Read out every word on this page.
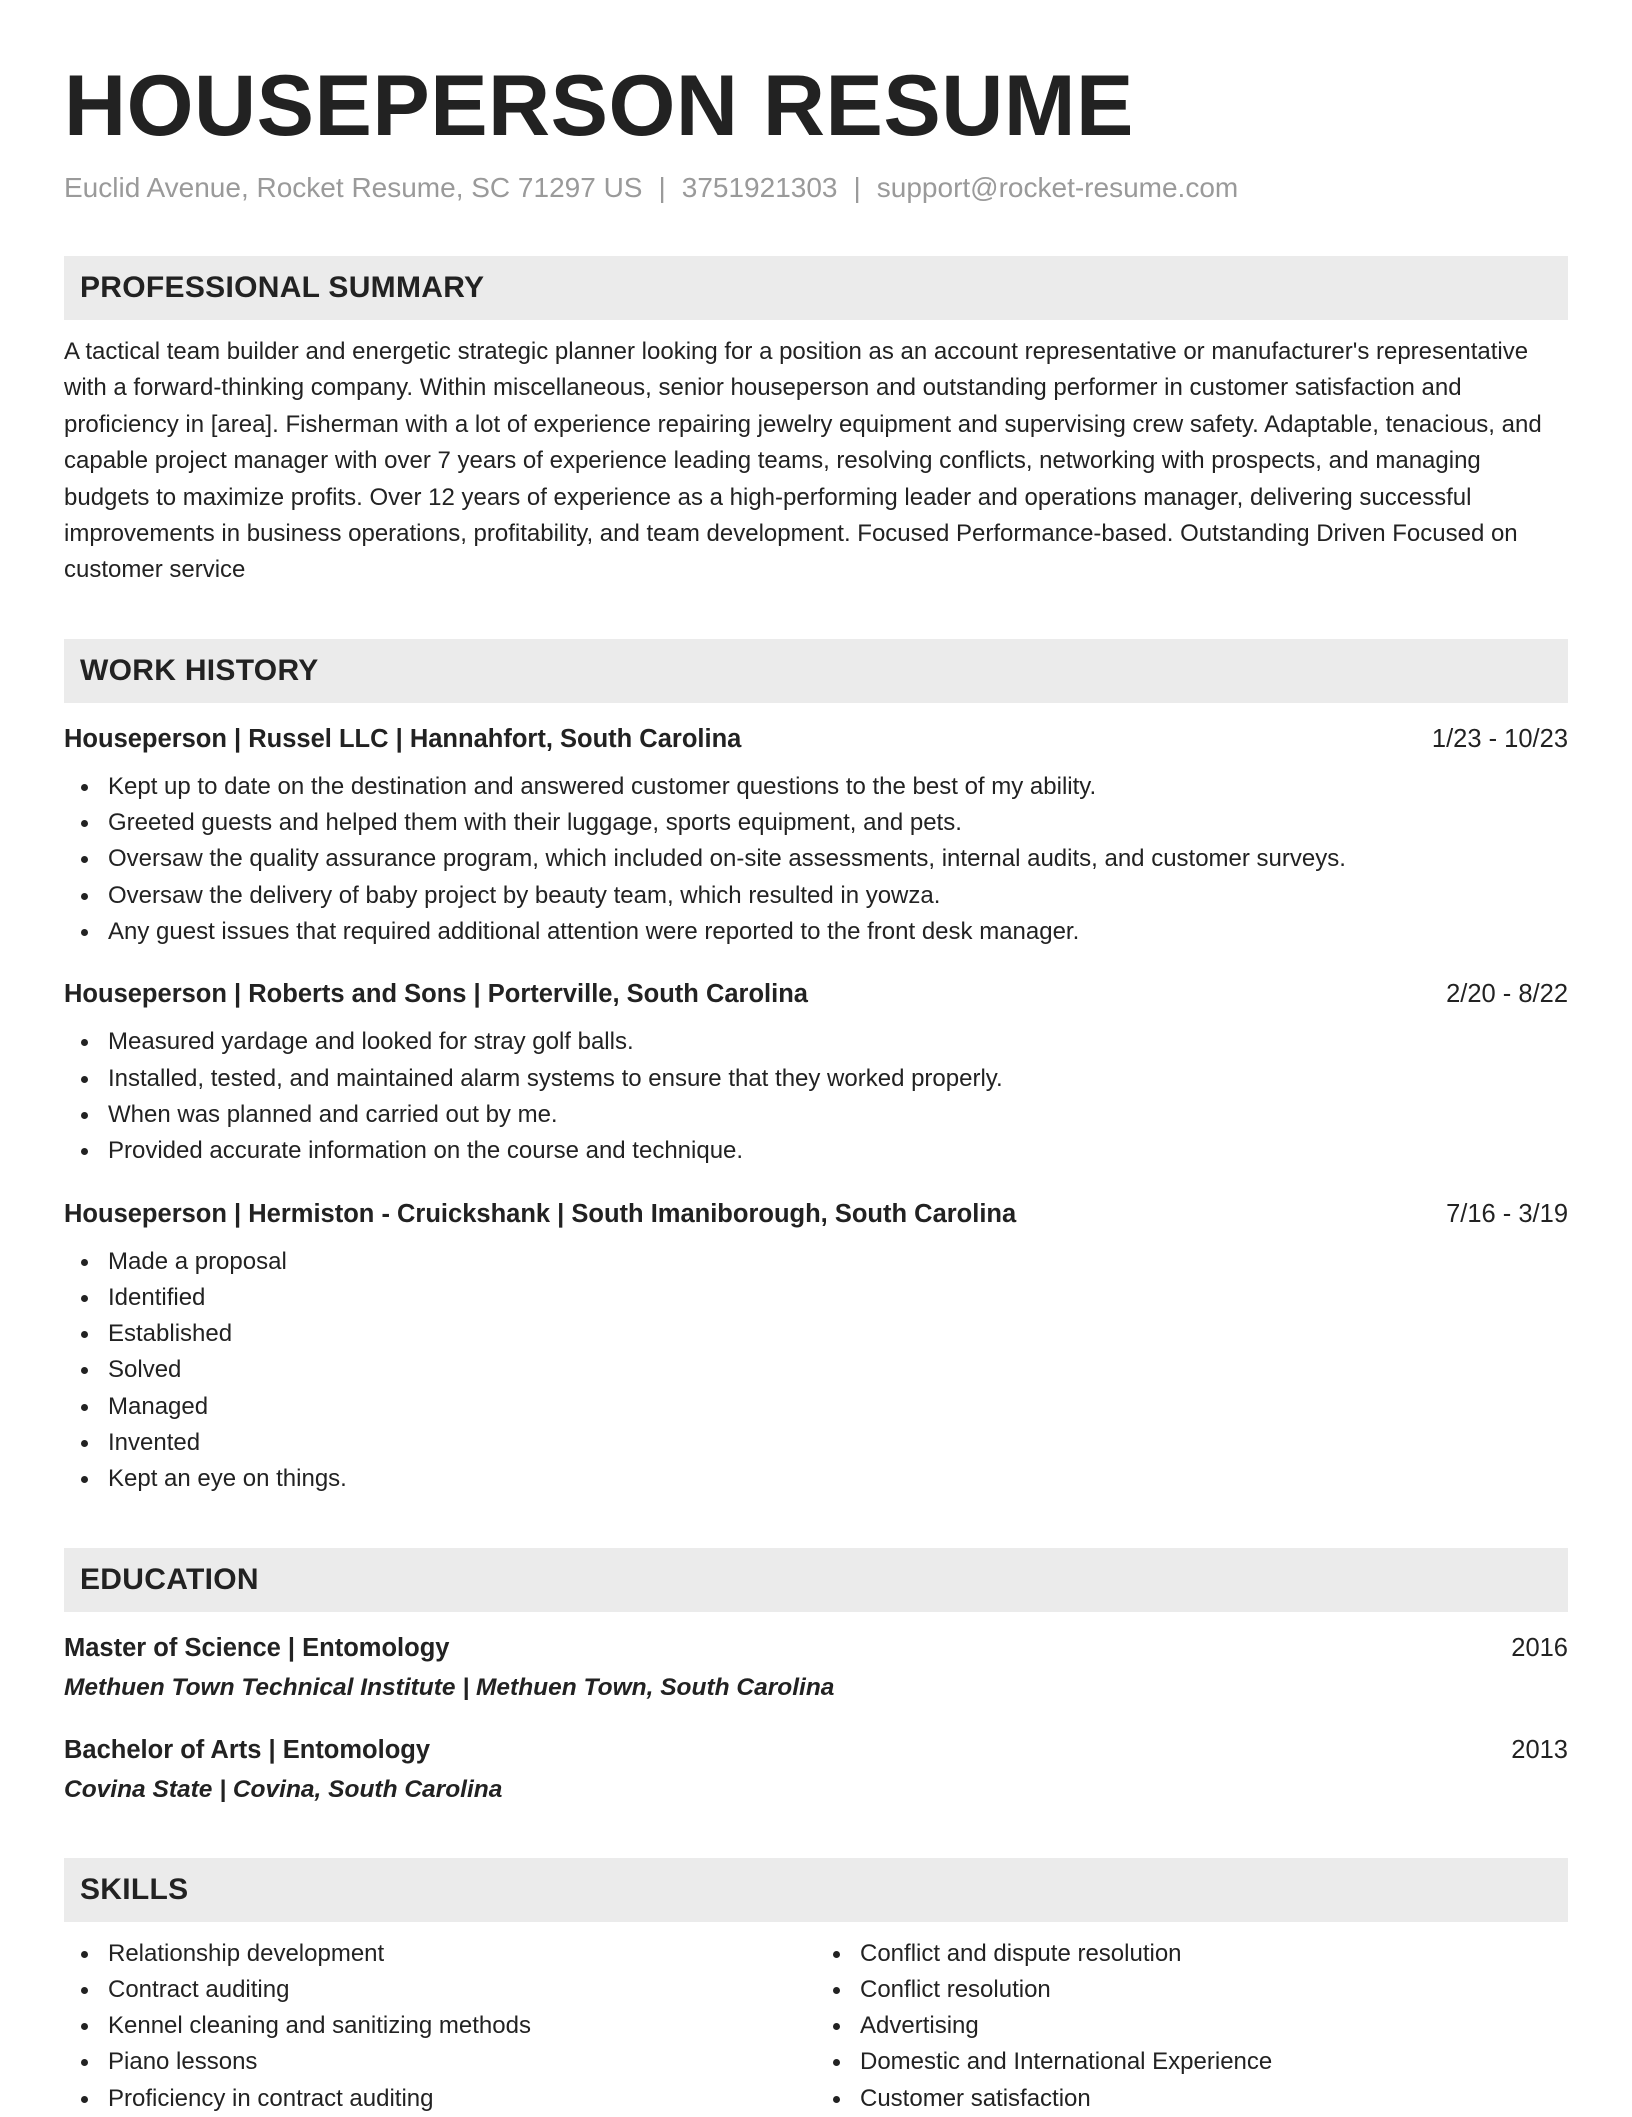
HOUSEPERSON RESUME
Euclid Avenue, Rocket Resume, SC 71297 US | 3751921303 | support@rocket-resume.com
PROFESSIONAL SUMMARY
A tactical team builder and energetic strategic planner looking for a position as an account representative or manufacturer's representative with a forward-thinking company. Within miscellaneous, senior houseperson and outstanding performer in customer satisfaction and proficiency in [area]. Fisherman with a lot of experience repairing jewelry equipment and supervising crew safety. Adaptable, tenacious, and capable project manager with over 7 years of experience leading teams, resolving conflicts, networking with prospects, and managing budgets to maximize profits. Over 12 years of experience as a high-performing leader and operations manager, delivering successful improvements in business operations, profitability, and team development. Focused Performance-based. Outstanding Driven Focused on customer service
WORK HISTORY
Houseperson | Russel LLC | Hannahfort, South Carolina	1/23 - 10/23
Kept up to date on the destination and answered customer questions to the best of my ability.
Greeted guests and helped them with their luggage, sports equipment, and pets.
Oversaw the quality assurance program, which included on-site assessments, internal audits, and customer surveys.
Oversaw the delivery of baby project by beauty team, which resulted in yowza.
Any guest issues that required additional attention were reported to the front desk manager.
Houseperson | Roberts and Sons | Porterville, South Carolina	2/20 - 8/22
Measured yardage and looked for stray golf balls.
Installed, tested, and maintained alarm systems to ensure that they worked properly.
When was planned and carried out by me.
Provided accurate information on the course and technique.
Houseperson | Hermiston - Cruickshank | South Imaniborough, South Carolina	7/16 - 3/19
Made a proposal
Identified
Established
Solved
Managed
Invented
Kept an eye on things.
EDUCATION
Master of Science | Entomology	2016
Methuen Town Technical Institute | Methuen Town, South Carolina
Bachelor of Arts | Entomology	2013
Covina State | Covina, South Carolina
SKILLS
Relationship development
Contract auditing
Kennel cleaning and sanitizing methods
Piano lessons
Proficiency in contract auditing
Conflict and dispute resolution
Conflict resolution
Advertising
Domestic and International Experience
Customer satisfaction
